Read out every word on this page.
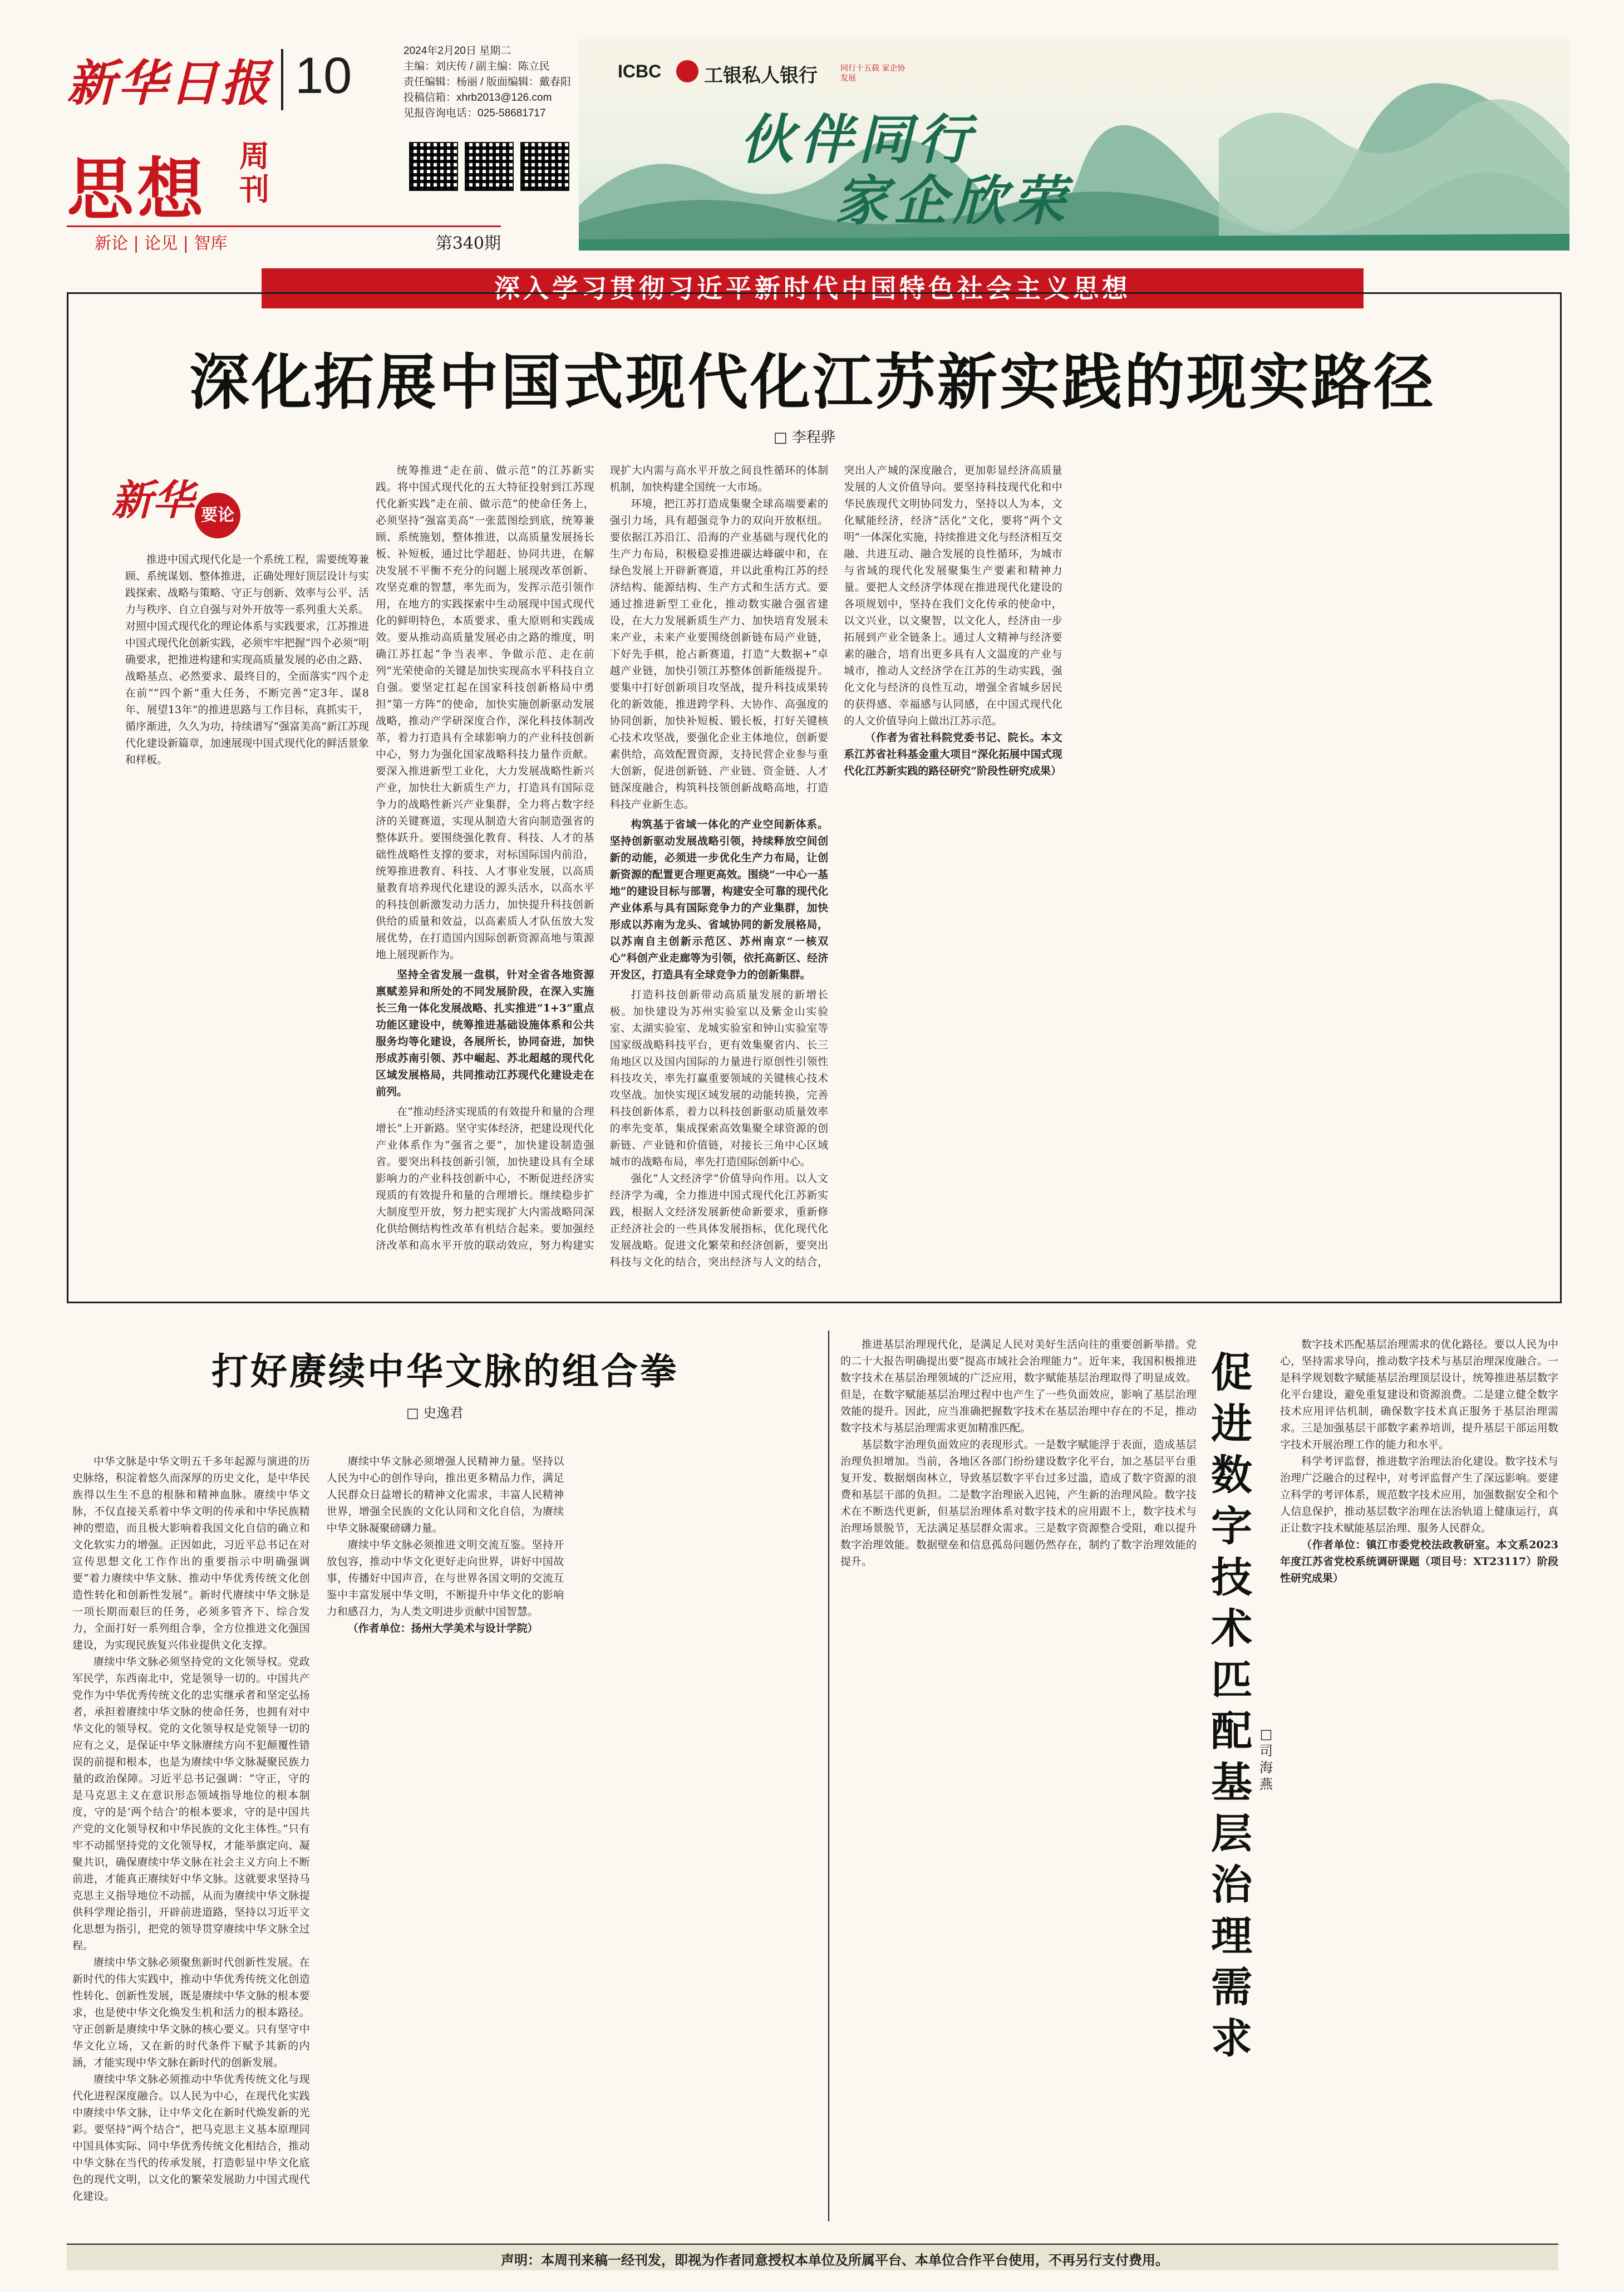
新华日报 10
思想 周刊
新论 | 论见 | 智库	第340期
2024年2月20日 星期二
主编：刘庆传 / 副主编：陈立民
责任编辑：杨丽 / 版面编辑：戴春阳
投稿信箱：xhrb2013@126.com
见报咨询电话：025-58681717
ICBC 工银私人银行	同行十五载 家企协发展
伙伴同行
家企欣荣
深入学习贯彻习近平新时代中国特色社会主义思想
深化拓展中国式现代化江苏新实践的现实路径
□ 李程骅
新华 要论

推进中国式现代化是一个系统工程，需要统筹兼顾、系统谋划、整体推进，正确处理好顶层设计与实践探索、战略与策略、守正与创新、效率与公平、活力与秩序、自立自强与对外开放等一系列重大关系。对照中国式现代化的理论体系与实践要求，江苏推进中国式现代化创新实践，必须牢牢把握“四个必须”明确要求，把推进构建和实现高质量发展的必由之路、战略基点、必然要求、最终目的，全面落实“四个走在前”“四个新”重大任务，不断完善“定3年、谋8年、展望13年”的推进思路与工作目标，真抓实干，循序渐进，久久为功，持续谱写“强富美高”新江苏现代化建设新篇章，加速展现中国式现代化的鲜活景象和样板。

统筹推进“走在前、做示范”的江苏新实践。将中国式现代化的五大特征投射到江苏现代化新实践“走在前、做示范”的使命任务上，必须坚持“强富美高”一张蓝图绘到底，统筹兼顾、系统施划，整体推进，以高质量发展扬长板、补短板，通过比学超赶、协同共进，在解决发展不平衡不充分的问题上展现改革创新、攻坚克难的智慧，率先而为，发挥示范引领作用，在地方的实践探索中生动展现中国式现代化的鲜明特色，本质要求、重大原则和实践成效。要从推动高质量发展必由之路的维度，明确江苏扛起“争当表率、争做示范、走在前列”光荣使命的关键是加快实现高水平科技自立自强。要坚定扛起在国家科技创新格局中勇担“第一方阵”的使命，加快实施创新驱动发展战略，推动产学研深度合作，深化科技体制改革，着力打造具有全球影响力的产业科技创新中心，努力为强化国家战略科技力量作贡献。要深入推进新型工业化，大力发展战略性新兴产业，加快壮大新质生产力，打造具有国际竞争力的战略性新兴产业集群，全力将占数字经济的关键赛道，实现从制造大省向制造强省的整体跃升。要围绕强化教育、科技、人才的基础性战略性支撑的要求，对标国际国内前沿，统筹推进教育、科技、人才事业发展，以高质量教育培养现代化建设的源头活水，以高水平的科技创新激发动力活力，加快提升科技创新供给的质量和效益，以高素质人才队伍放大发展优势，在打造国内国际创新资源高地与策源地上展现新作为。

坚持全省发展一盘棋，针对全省各地资源禀赋差异和所处的不同发展阶段，在深入实施长三角一体化发展战略、扎实推进“1+3”重点功能区建设中，统筹推进基础设施体系和公共服务均等化建设，各展所长，协同奋进，加快形成苏南引领、苏中崛起、苏北超越的现代化区域发展格局，共同推动江苏现代化建设走在前列。

在“推动经济实现质的有效提升和量的合理增长”上开新路。坚守实体经济，把建设现代化产业体系作为“强省之要”，加快建设制造强省。要突出科技创新引领，加快建设具有全球影响力的产业科技创新中心，不断促进经济实现质的有效提升和量的合理增长。继续稳步扩大制度型开放，努力把实现扩大内需战略同深化供给侧结构性改革有机结合起来。要加强经济改革和高水平开放的联动效应，努力构建实现扩大内需与高水平开放之间良性循环的体制机制，加快构建全国统一大市场。

环境，把江苏打造成集聚全球高端要素的强引力场，具有超强竞争力的双向开放枢纽。要依据江苏沿江、沿海的产业基础与现代化的生产力布局，积极稳妥推进碳达峰碳中和，在绿色发展上开辟新赛道，并以此重构江苏的经济结构、能源结构、生产方式和生活方式。要通过推进新型工业化，推动数实融合强省建设，在大力发展新质生产力、加快培育发展未来产业，未来产业要围绕创新链布局产业链，下好先手棋，抢占新赛道，打造“大数据+”卓越产业链，加快引领江苏整体创新能级提升。要集中打好创新项目攻坚战，提升科技成果转化的新效能，推进跨学科、大协作、高强度的协同创新，加快补短板、锻长板，打好关键核心技术攻坚战，要强化企业主体地位，创新要素供给，高效配置资源，支持民营企业参与重大创新，促进创新链、产业链、资金链、人才链深度融合，构筑科技领创新战略高地，打造科技产业新生态。

构筑基于省域一体化的产业空间新体系。坚持创新驱动发展战略引领，持续释放空间创新的动能，必须进一步优化生产力布局，让创新资源的配置更合理更高效。围绕“一中心一基地”的建设目标与部署，构建安全可靠的现代化产业体系与具有国际竞争力的产业集群，加快形成以苏南为龙头、省域协同的新发展格局，以苏南自主创新示范区、苏州南京“一核双心”科创产业走廊等为引领，依托高新区、经济开发区，打造具有全球竞争力的创新集群。

打造科技创新带动高质量发展的新增长极。加快建设为苏州实验室以及紫金山实验室、太湖实验室、龙城实验室和钟山实验室等国家级战略科技平台，更有效集聚省内、长三角地区以及国内国际的力量进行原创性引领性科技攻关，率先打赢重要领域的关键核心技术攻坚战。加快实现区域发展的动能转换，完善科技创新体系，着力以科技创新驱动质量效率的率先变革，集成探索高效集聚全球资源的创新链、产业链和价值链，对接长三角中心区域城市的战略布局，率先打造国际创新中心。

强化“人文经济学”价值导向作用。以人文经济学为魂，全力推进中国式现代化江苏新实践，根据人文经济发展新使命新要求，重新修正经济社会的一些具体发展指标，优化现代化发展战略。促进文化繁荣和经济创新，要突出科技与文化的结合，突出经济与人文的结合，突出人产城的深度融合，更加彰显经济高质量发展的人文价值导向。要坚持科技现代化和中华民族现代文明协同发力，坚持以人为本，文化赋能经济，经济“活化”文化，要将“两个文明”一体深化实施，持续推进文化与经济相互交融、共进互动、融合发展的良性循环，为城市与省域的现代化发展聚集生产要素和精神力量。要把人文经济学体现在推进现代化建设的各项规划中，坚持在我们文化传承的使命中，以文兴业，以文聚智，以文化人，经济由一步拓展到产业全链条上。通过人文精神与经济要素的融合，培育出更多具有人文温度的产业与城市，推动人文经济学在江苏的生动实践，强化文化与经济的良性互动，增强全省城乡居民的获得感、幸福感与认同感，在中国式现代化的人文价值导向上做出江苏示范。

（作者为省社科院党委书记、院长。本文系江苏省社科基金重大项目“深化拓展中国式现代化江苏新实践的路径研究”阶段性研究成果）

打好赓续中华文脉的组合拳
□ 史逸君

中华文脉是中华文明五千多年起源与演进的历史脉络，积淀着悠久而深厚的历史文化，是中华民族得以生生不息的根脉和精神血脉。赓续中华文脉，不仅直接关系着中华文明的传承和中华民族精神的塑造，而且极大影响着我国文化自信的确立和文化软实力的增强。正因如此，习近平总书记在对宣传思想文化工作作出的重要指示中明确强调要“着力赓续中华文脉、推动中华优秀传统文化创造性转化和创新性发展”。新时代赓续中华文脉是一项长期而艰巨的任务，必须多管齐下、综合发力，全面打好一系列组合拳，全方位推进文化强国建设，为实现民族复兴伟业提供文化支撑。

赓续中华文脉必须坚持党的文化领导权。党政军民学，东西南北中，党是领导一切的。中国共产党作为中华优秀传统文化的忠实继承者和坚定弘扬者，承担着赓续中华文脉的使命任务，也拥有对中华文化的领导权。党的文化领导权是党领导一切的应有之义，是保证中华文脉赓续方向不犯颠覆性错误的前提和根本，也是为赓续中华文脉凝聚民族力量的政治保障。习近平总书记强调：“守正，守的是马克思主义在意识形态领域指导地位的根本制度，守的是‘两个结合’的根本要求，守的是中国共产党的文化领导权和中华民族的文化主体性。”只有牢不动摇坚持党的文化领导权，才能举旗定向、凝聚共识，确保赓续中华文脉在社会主义方向上不断前进，才能真正赓续好中华文脉。这就要求坚持马克思主义指导地位不动摇，从而为赓续中华文脉提供科学理论指引，开辟前进道路，坚持以习近平文化思想为指引，把党的领导贯穿赓续中华文脉全过程。

赓续中华文脉必须聚焦新时代创新性发展。在新时代的伟大实践中，推动中华优秀传统文化创造性转化、创新性发展，既是赓续中华文脉的根本要求，也是使中华文化焕发生机和活力的根本路径。守正创新是赓续中华文脉的核心要义。只有坚守中华文化立场，又在新的时代条件下赋予其新的内涵，才能实现中华文脉在新时代的创新发展。

赓续中华文脉必须推动中华优秀传统文化与现代化进程深度融合。以人民为中心，在现代化实践中赓续中华文脉，让中华文化在新时代焕发新的光彩。要坚持“两个结合”，把马克思主义基本原理同中国具体实际、同中华优秀传统文化相结合，推动中华文脉在当代的传承发展，打造彰显中华文化底色的现代文明，以文化的繁荣发展助力中国式现代化建设。

赓续中华文脉必须增强人民精神力量。坚持以人民为中心的创作导向，推出更多精品力作，满足人民群众日益增长的精神文化需求，丰富人民精神世界，增强全民族的文化认同和文化自信，为赓续中华文脉凝聚磅礴力量。

赓续中华文脉必须推进文明交流互鉴。坚持开放包容，推动中华文化更好走向世界，讲好中国故事，传播好中国声音，在与世界各国文明的交流互鉴中丰富发展中华文明，不断提升中华文化的影响力和感召力，为人类文明进步贡献中国智慧。

（作者单位：扬州大学美术与设计学院）

推进基层治理现代化，是满足人民对美好生活向往的重要创新举措。党的二十大报告明确提出要“提高市域社会治理能力”。近年来，我国积极推进数字技术在基层治理领域的广泛应用，数字赋能基层治理取得了明显成效。但是，在数字赋能基层治理过程中也产生了一些负面效应，影响了基层治理效能的提升。因此，应当准确把握数字技术在基层治理中存在的不足，推动数字技术与基层治理需求更加精准匹配。

基层数字治理负面效应的表现形式。一是数字赋能浮于表面，造成基层治理负担增加。当前，各地区各部门纷纷建设数字化平台，加之基层平台重复开发、数据烟囱林立，导致基层数字平台过多过滥，造成了数字资源的浪费和基层干部的负担。二是数字治理嵌入迟钝，产生新的治理风险。数字技术在不断迭代更新，但基层治理体系对数字技术的应用跟不上，数字技术与治理场景脱节，无法满足基层群众需求。三是数字资源整合受阻，难以提升数字治理效能。数据壁垒和信息孤岛问题仍然存在，制约了数字治理效能的提升。

促进数字技术匹配基层治理需求
□ 司海燕

数字技术匹配基层治理需求的优化路径。要以人民为中心，坚持需求导向，推动数字技术与基层治理深度融合。一是科学规划数字赋能基层治理顶层设计，统筹推进基层数字化平台建设，避免重复建设和资源浪费。二是建立健全数字技术应用评估机制，确保数字技术真正服务于基层治理需求。三是加强基层干部数字素养培训，提升基层干部运用数字技术开展治理工作的能力和水平。

科学考评监督，推进数字治理法治化建设。数字技术与治理广泛融合的过程中，对考评监督产生了深远影响。要建立科学的考评体系，规范数字技术应用，加强数据安全和个人信息保护，推动基层数字治理在法治轨道上健康运行，真正让数字技术赋能基层治理、服务人民群众。

（作者单位：镇江市委党校法政教研室。本文系2023年度江苏省党校系统调研课题（项目号：XT23117）阶段性研究成果）

声明：本周刊来稿一经刊发，即视为作者同意授权本单位及所属平台、本单位合作平台使用，不再另行支付费用。
